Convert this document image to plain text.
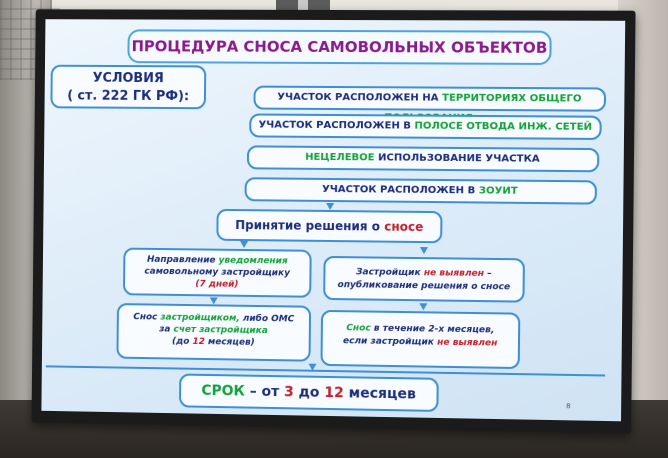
ПРОЦЕДУРА СНОСА САМОВОЛЬНЫХ ОБЪЕКТОВ
УСЛОВИЯ
( ст. 222 ГК РФ):	УЧАСТОК РАСПОЛОЖЕН НА ТЕРРИТОРИЯХ ОБЩЕГО
УЧАСТОК РАСПОЛОЖЕН В ПОЛОСЕ ОТВОДА ИНЖ. СЕТЕЙ
НЕЦЕЛЕВОЕ ИСПОЛЬЗОВАНИЕ УЧАСТКА
УЧАСТОК РАСПОЛОЖЕН В ЗОУИТ
Принятие решения о сносе
Направление уведомления
самовольному застройщику
(7 дней)
Застройщик не выявлен –
опубликование решения о сносе
Снос застройщиком, либо ОМС
за счет застройщика
(до 12 месяцев)
Снос в течение 2-х месяцев,
если застройщик не выявлен
СРОК – от 3 до 12 месяцев
8
